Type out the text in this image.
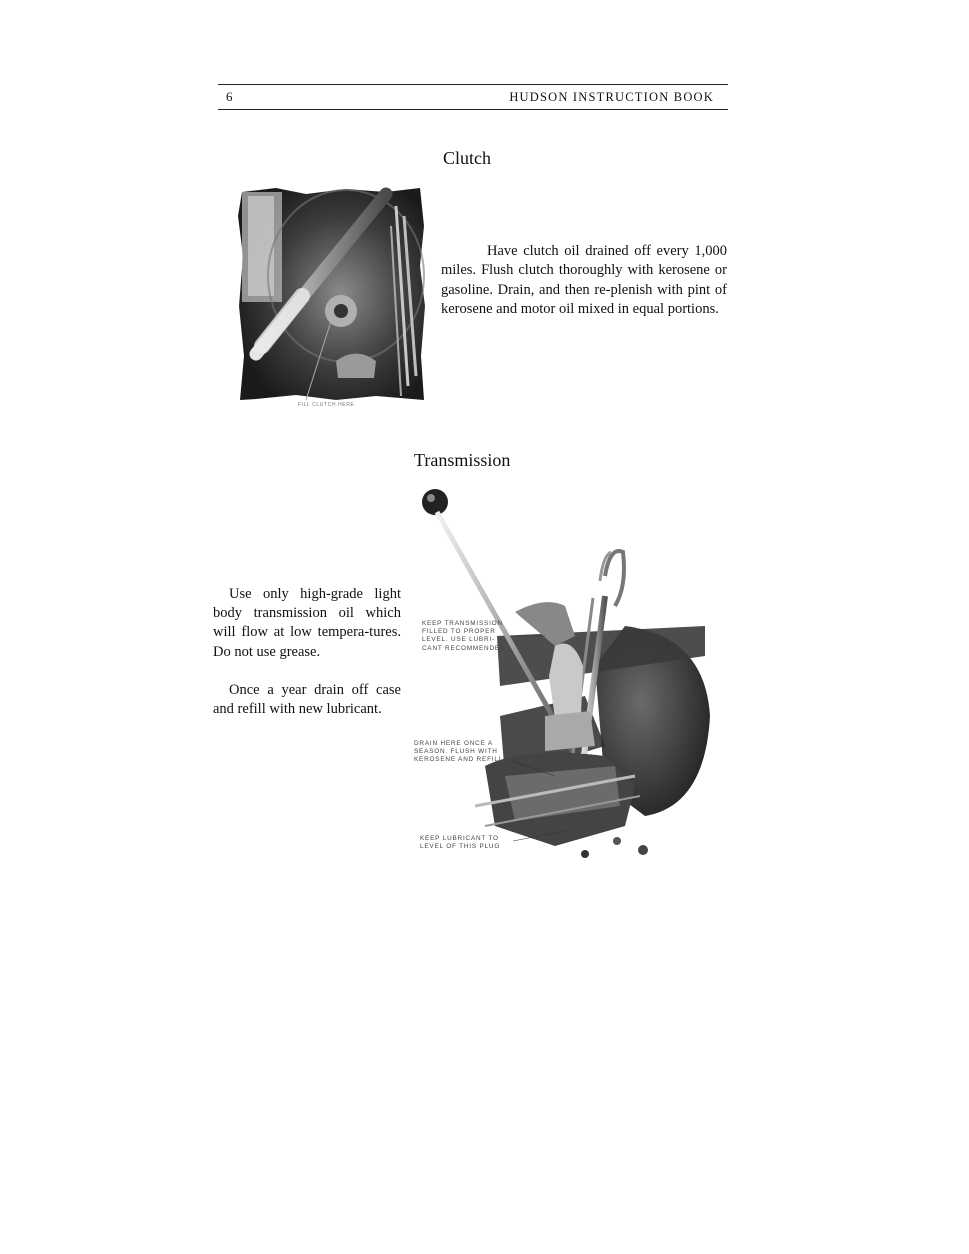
6	HUDSON INSTRUCTION BOOK
Clutch
FILL CLUTCH HERE

Have clutch oil drained off every 1,000 miles. Flush clutch thoroughly with kerosene or gasoline. Drain, and then re-plenish with pint of kerosene and motor oil mixed in equal portions.

Transmission

Use only high-grade light body transmission oil which will flow at low tempera-tures. Do not use grease.

Once a year drain off case and refill with new lubricant.

KEEP TRANSMISSION
FILLED TO PROPER
LEVEL. USE LUBRI-
CANT RECOMMENDED
DRAIN HERE ONCE A
SEASON. FLUSH WITH
KEROSENE AND REFILL
KEEP LUBRICANT TO
LEVEL OF THIS PLUG
